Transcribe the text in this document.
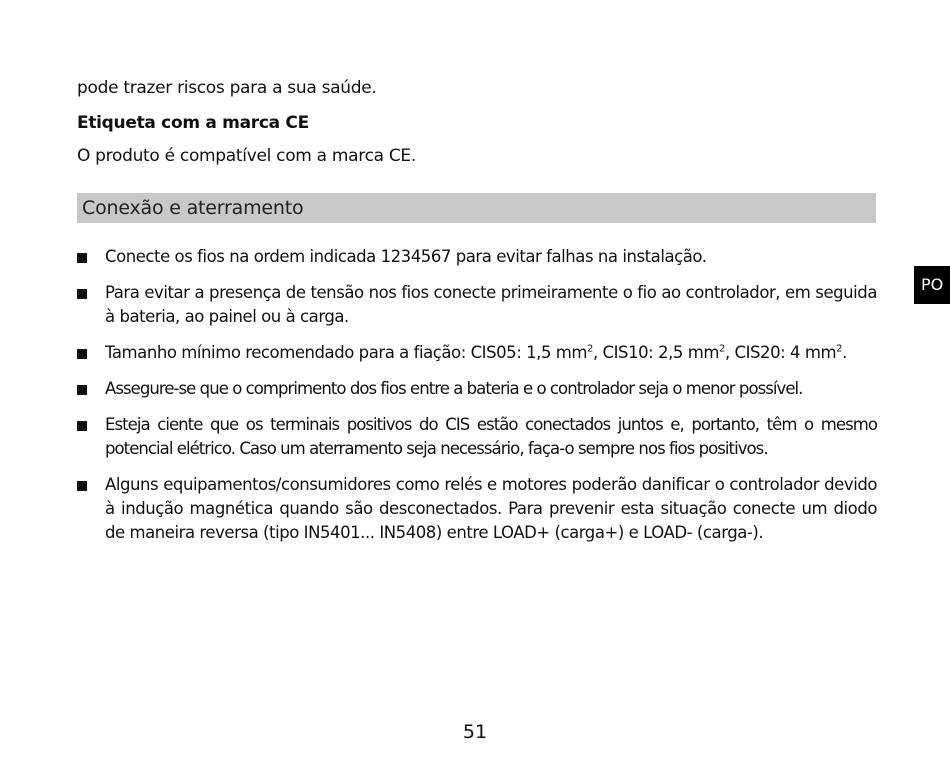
pode trazer riscos para a sua saúde.
Etiqueta com a marca CE
O produto é compatível com a marca CE.
Conexão e aterramento
PO
Conecte os fios na ordem indicada 1234567 para evitar falhas na instalação.
Para evitar a presença de tensão nos fios conecte primeiramente o fio ao controlador, em seguida à bateria, ao painel ou à carga.
Tamanho mínimo recomendado para a fiação: CIS05: 1,5 $mm^2$, CIS10: 2,5 $mm^2$, CIS20: 4 $mm^2$.
Assegure-se que o comprimento dos fios entre a bateria e o controlador seja o menor possível.
Esteja ciente que os terminais positivos do CIS estão conectados juntos e, portanto, têm o mesmo potencial elétrico. Caso um aterramento seja necessário, faça-o sempre nos fios positivos.
Alguns equipamentos/consumidores como relés e motores poderão danificar o controlador devido à indução magnética quando são desconectados. Para prevenir esta situação conecte um diodo de maneira reversa (tipo IN5401... IN5408) entre LOAD+ (carga+) e LOAD- (carga-).
51
